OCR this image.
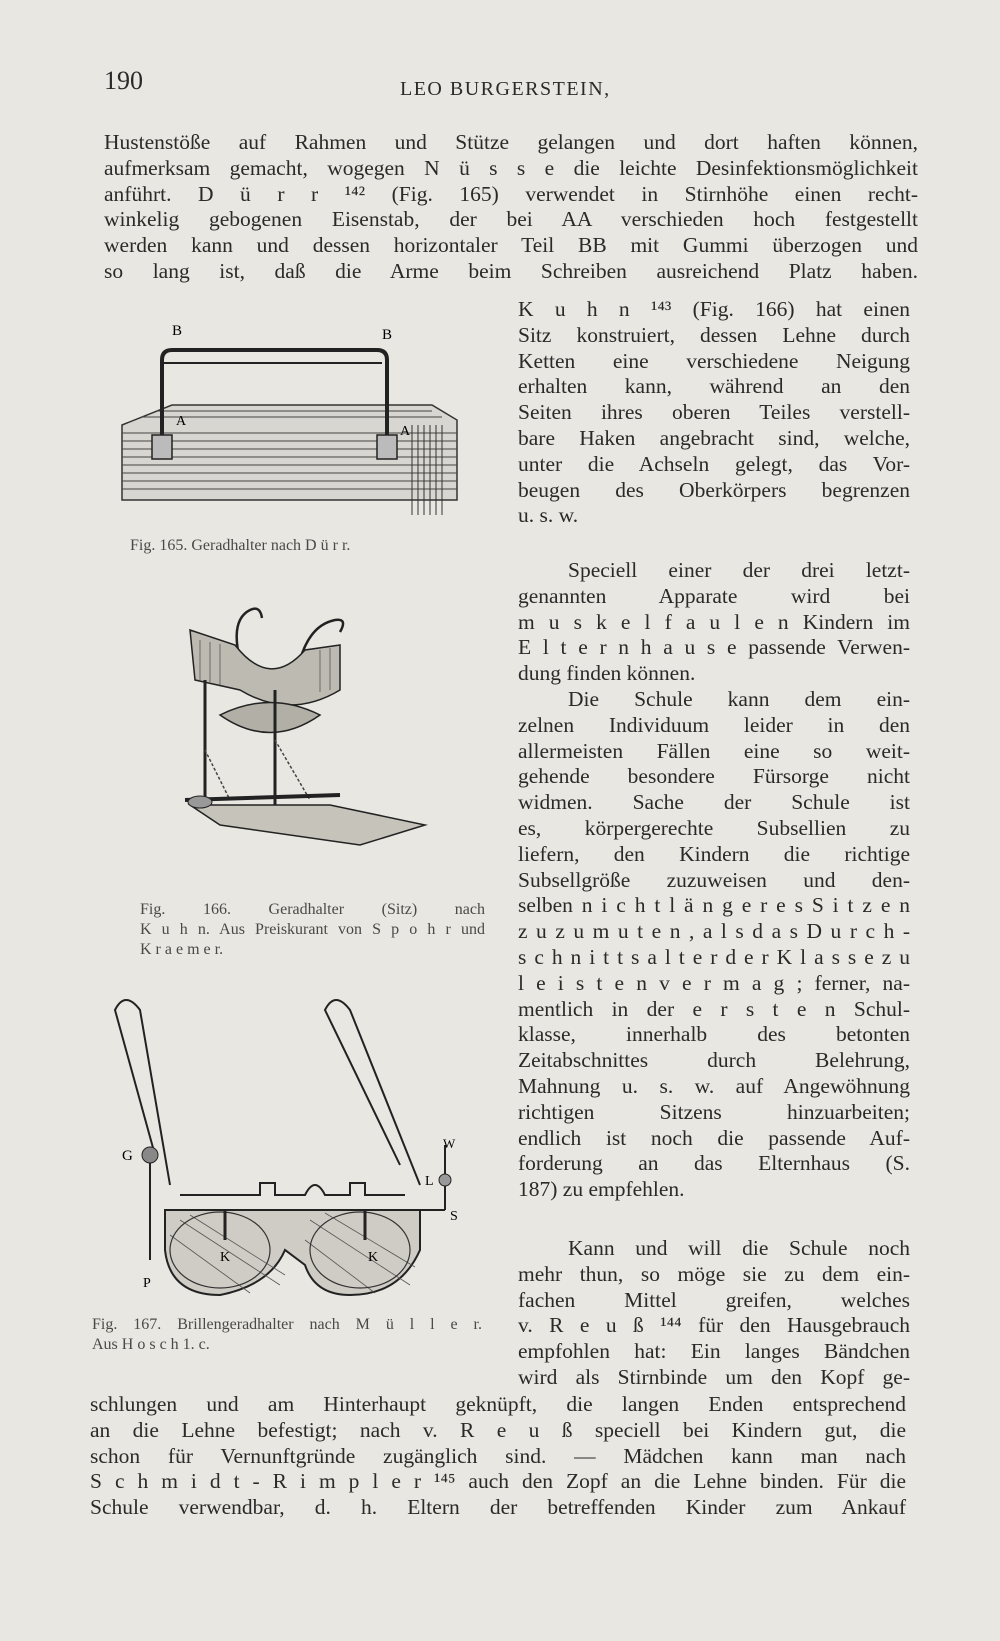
190	LEO BURGERSTEIN,
Hustenstöße auf Rahmen und Stütze gelangen und dort haften können,
aufmerksam gemacht, wogegen N ü s s e die leichte Desinfektionsmöglichkeit
anführt. D ü r r ¹⁴² (Fig. 165) verwendet in Stirnhöhe einen recht-
winkelig gebogenen Eisenstab, der bei AA verschieden hoch festgestellt
werden kann und dessen horizontaler Teil BB mit Gummi überzogen und
so lang ist, daß die Arme beim Schreiben ausreichend Platz haben.
K u h n ¹⁴³ (Fig. 166) hat einen
Sitz konstruiert, dessen Lehne durch
Ketten eine verschiedene Neigung
erhalten kann, während an den
Seiten ihres oberen Teiles verstell-
bare Haken angebracht sind, welche,
unter die Achseln gelegt, das Vor-
beugen des Oberkörpers begrenzen
u. s. w.
Speciell einer der drei letzt-
genannten Apparate wird bei
m u s k e l f a u l e n Kindern im
E l t e r n h a u s e passende Verwen-
dung finden können.
Die Schule kann dem ein-
zelnen Individuum leider in den
allermeisten Fällen eine so weit-
gehende besondere Fürsorge nicht
widmen. Sache der Schule ist
es, körpergerechte Subsellien zu
liefern, den Kindern die richtige
Subsellgröße zuzuweisen und den-
selben n i c h t l ä n g e r e s S i t z e n
z u z u m u t e n , a l s d a s D u r c h -
s c h n i t t s a l t e r d e r K l a s s e z u
l e i s t e n v e r m a g ; ferner, na-
mentlich in der e r s t e n Schul-
klasse, innerhalb des betonten
Zeitabschnittes durch Belehrung,
Mahnung u. s. w. auf Angewöhnung
richtigen Sitzens hinzuarbeiten;
endlich ist noch die passende Auf-
forderung an das Elternhaus (S.
187) zu empfehlen.
Kann und will die Schule noch
mehr thun, so möge sie zu dem ein-
fachen Mittel greifen, welches
v. R e u ß ¹⁴⁴ für den Hausgebrauch
empfohlen hat: Ein langes Bändchen
wird als Stirnbinde um den Kopf ge-
schlungen und am Hinterhaupt geknüpft, die langen Enden entsprechend
an die Lehne befestigt; nach v. R e u ß speciell bei Kindern gut, die
schon für Vernunftgründe zugänglich sind. — Mädchen kann man nach
S c h m i d t - R i m p l e r ¹⁴⁵ auch den Zopf an die Lehne binden. Für die
Schule verwendbar, d. h. Eltern der betreffenden Kinder zum Ankauf
B	B
A
A
Fig. 165. Geradhalter nach D ü r r.
Fig. 166. Geradhalter (Sitz) nach
K u h n. Aus Preiskurant von S p o h r und
K r a e m e r.
G
W
L
S
K	K
P
Fig. 167. Brillengeradhalter nach M ü l l e r.
Aus H o s c h 1. c.
